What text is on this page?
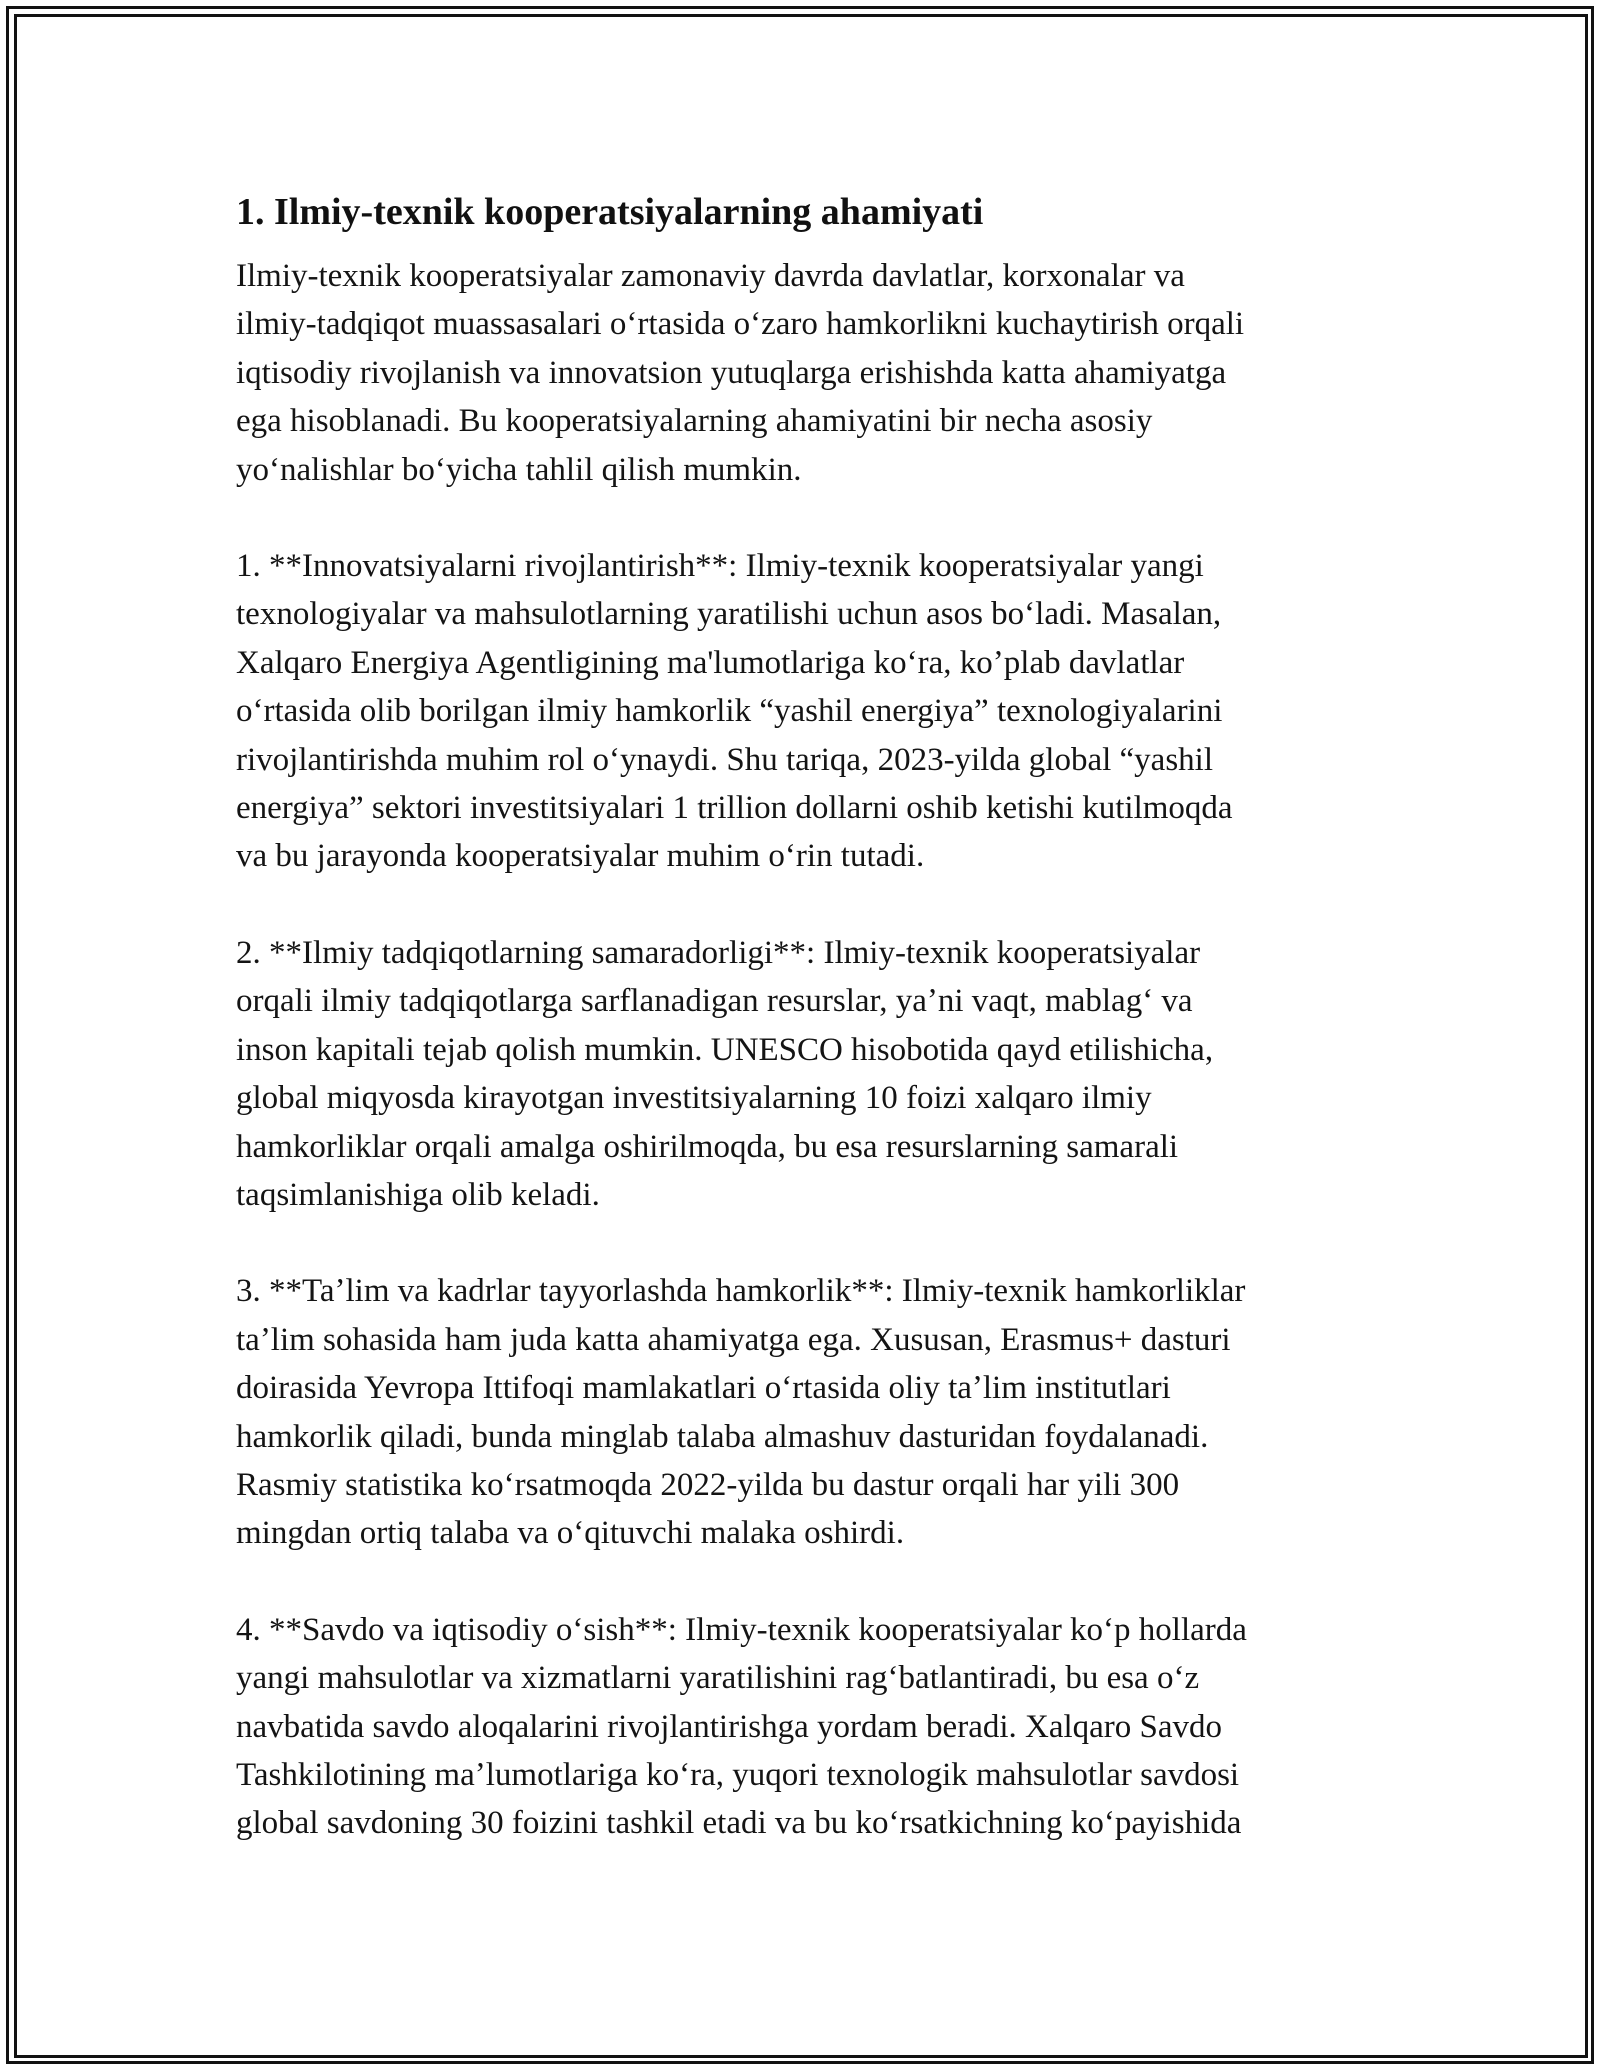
1. Ilmiy-texnik kooperatsiyalarning ahamiyati
Ilmiy-texnik kooperatsiyalar zamonaviy davrda davlatlar, korxonalar va
ilmiy-tadqiqot muassasalari oʻrtasida oʻzaro hamkorlikni kuchaytirish orqali
iqtisodiy rivojlanish va innovatsion yutuqlarga erishishda katta ahamiyatga
ega hisoblanadi. Bu kooperatsiyalarning ahamiyatini bir necha asosiy
yoʻnalishlar boʻyicha tahlil qilish mumkin.
1. **Innovatsiyalarni rivojlantirish**: Ilmiy-texnik kooperatsiyalar yangi
texnologiyalar va mahsulotlarning yaratilishi uchun asos boʻladi. Masalan,
Xalqaro Energiya Agentligining ma'lumotlariga koʻra, koʼplab davlatlar
oʻrtasida olib borilgan ilmiy hamkorlik “yashil energiya” texnologiyalarini
rivojlantirishda muhim rol oʻynaydi. Shu tariqa, 2023-yilda global “yashil
energiya” sektori investitsiyalari 1 trillion dollarni oshib ketishi kutilmoqda
va bu jarayonda kooperatsiyalar muhim oʻrin tutadi.
2. **Ilmiy tadqiqotlarning samaradorligi**: Ilmiy-texnik kooperatsiyalar
orqali ilmiy tadqiqotlarga sarflanadigan resurslar, yaʼni vaqt, mablagʻ va
inson kapitali tejab qolish mumkin. UNESCO hisobotida qayd etilishicha,
global miqyosda kirayotgan investitsiyalarning 10 foizi xalqaro ilmiy
hamkorliklar orqali amalga oshirilmoqda, bu esa resurslarning samarali
taqsimlanishiga olib keladi.
3. **Taʼlim va kadrlar tayyorlashda hamkorlik**: Ilmiy-texnik hamkorliklar
taʼlim sohasida ham juda katta ahamiyatga ega. Xususan, Erasmus+ dasturi
doirasida Yevropa Ittifoqi mamlakatlari oʻrtasida oliy taʼlim institutlari
hamkorlik qiladi, bunda minglab talaba almashuv dasturidan foydalanadi.
Rasmiy statistika koʻrsatmoqda 2022-yilda bu dastur orqali har yili 300
mingdan ortiq talaba va oʻqituvchi malaka oshirdi.
4. **Savdo va iqtisodiy oʻsish**: Ilmiy-texnik kooperatsiyalar koʻp hollarda
yangi mahsulotlar va xizmatlarni yaratilishini ragʻbatlantiradi, bu esa oʻz
navbatida savdo aloqalarini rivojlantirishga yordam beradi. Xalqaro Savdo
Tashkilotining maʼlumotlariga koʻra, yuqori texnologik mahsulotlar savdosi
global savdoning 30 foizini tashkil etadi va bu koʻrsatkichning koʻpayishida
